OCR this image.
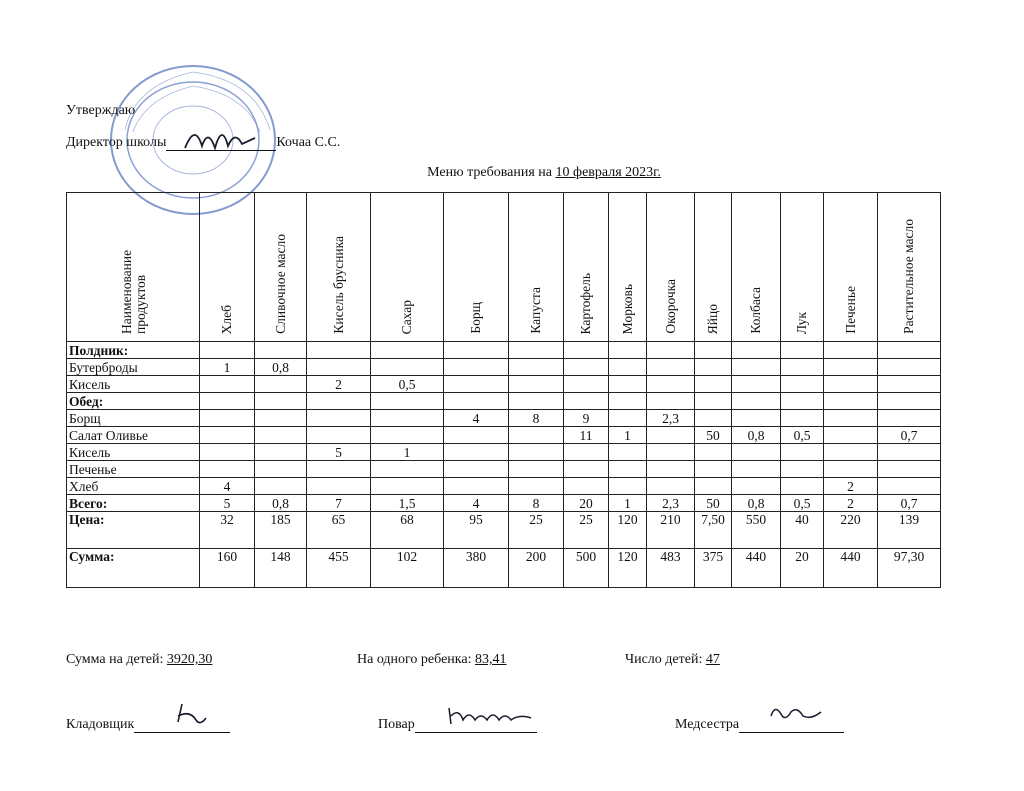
Утверждаю
Директор школы	Кочаа С.С.
Меню требования на 10 февраля 2023г.
Наименование продуктов	Хлеб	Сливочное масло	Кисель брусника	Сахар	Борщ	Капуста	Картофель	Морковь	Окорочка	Яйцо	Колбаса	Лук	Печенье	Растительное масло
Полдник:														
Бутерброды	1	0,8												
Кисель			2	0,5										
Обед:														
Борщ					4	8	9		2,3					
Салат Оливье							11	1		50	0,8	0,5		0,7
Кисель			5	1										
Печенье														
Хлеб	4												2	
Всего:	5	0,8	7	1,5	4	8	20	1	2,3	50	0,8	0,5	2	0,7
Цена:	32	185	65	68	95	25	25	120	210	7,50	550	40	220	139
Сумма:	160	148	455	102	380	200	500	120	483	375	440	20	440	97,30
Сумма на детей: 3920,30	На одного ребенка: 83,41	Число детей: 47
Кладовщик	Повар	Медсестра
